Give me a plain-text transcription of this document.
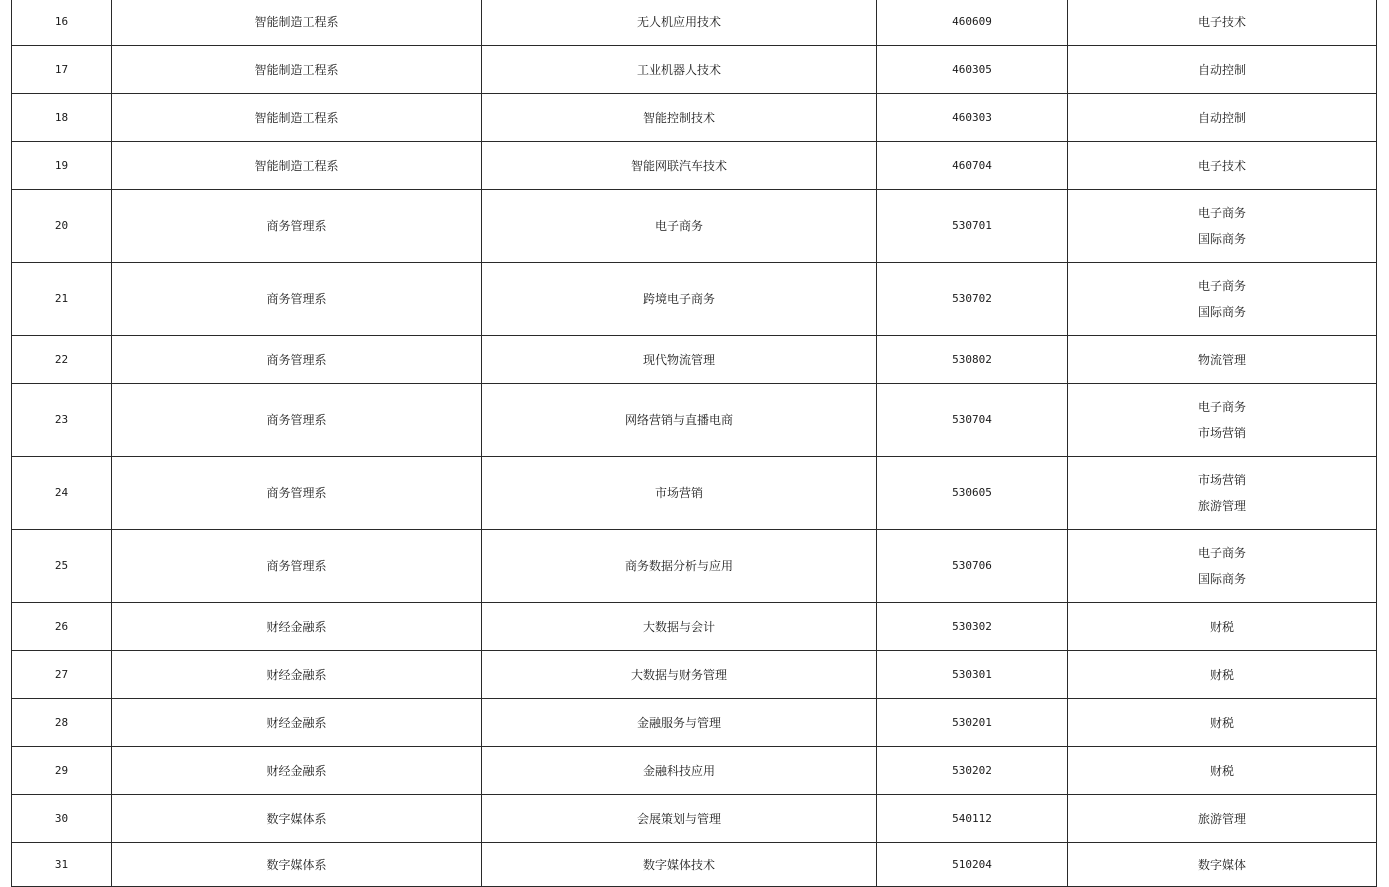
16	智能制造工程系	无人机应用技术	460609	电子技术

17	智能制造工程系	工业机器人技术	460305	自动控制

18	智能制造工程系	智能控制技术	460303	自动控制

19	智能制造工程系	智能网联汽车技术	460704	电子技术

20	商务管理系	电子商务	530701	电子商务
国际商务

21	商务管理系	跨境电子商务	530702	电子商务
国际商务

22	商务管理系	现代物流管理	530802	物流管理

23	商务管理系	网络营销与直播电商	530704	电子商务
市场营销

24	商务管理系	市场营销	530605	市场营销
旅游管理

25	商务管理系	商务数据分析与应用	530706	电子商务
国际商务

26	财经金融系	大数据与会计	530302	财税

27	财经金融系	大数据与财务管理	530301	财税

28	财经金融系	金融服务与管理	530201	财税

29	财经金融系	金融科技应用	530202	财税

30	数字媒体系	会展策划与管理	540112	旅游管理

31	数字媒体系	数字媒体技术	510204	数字媒体
